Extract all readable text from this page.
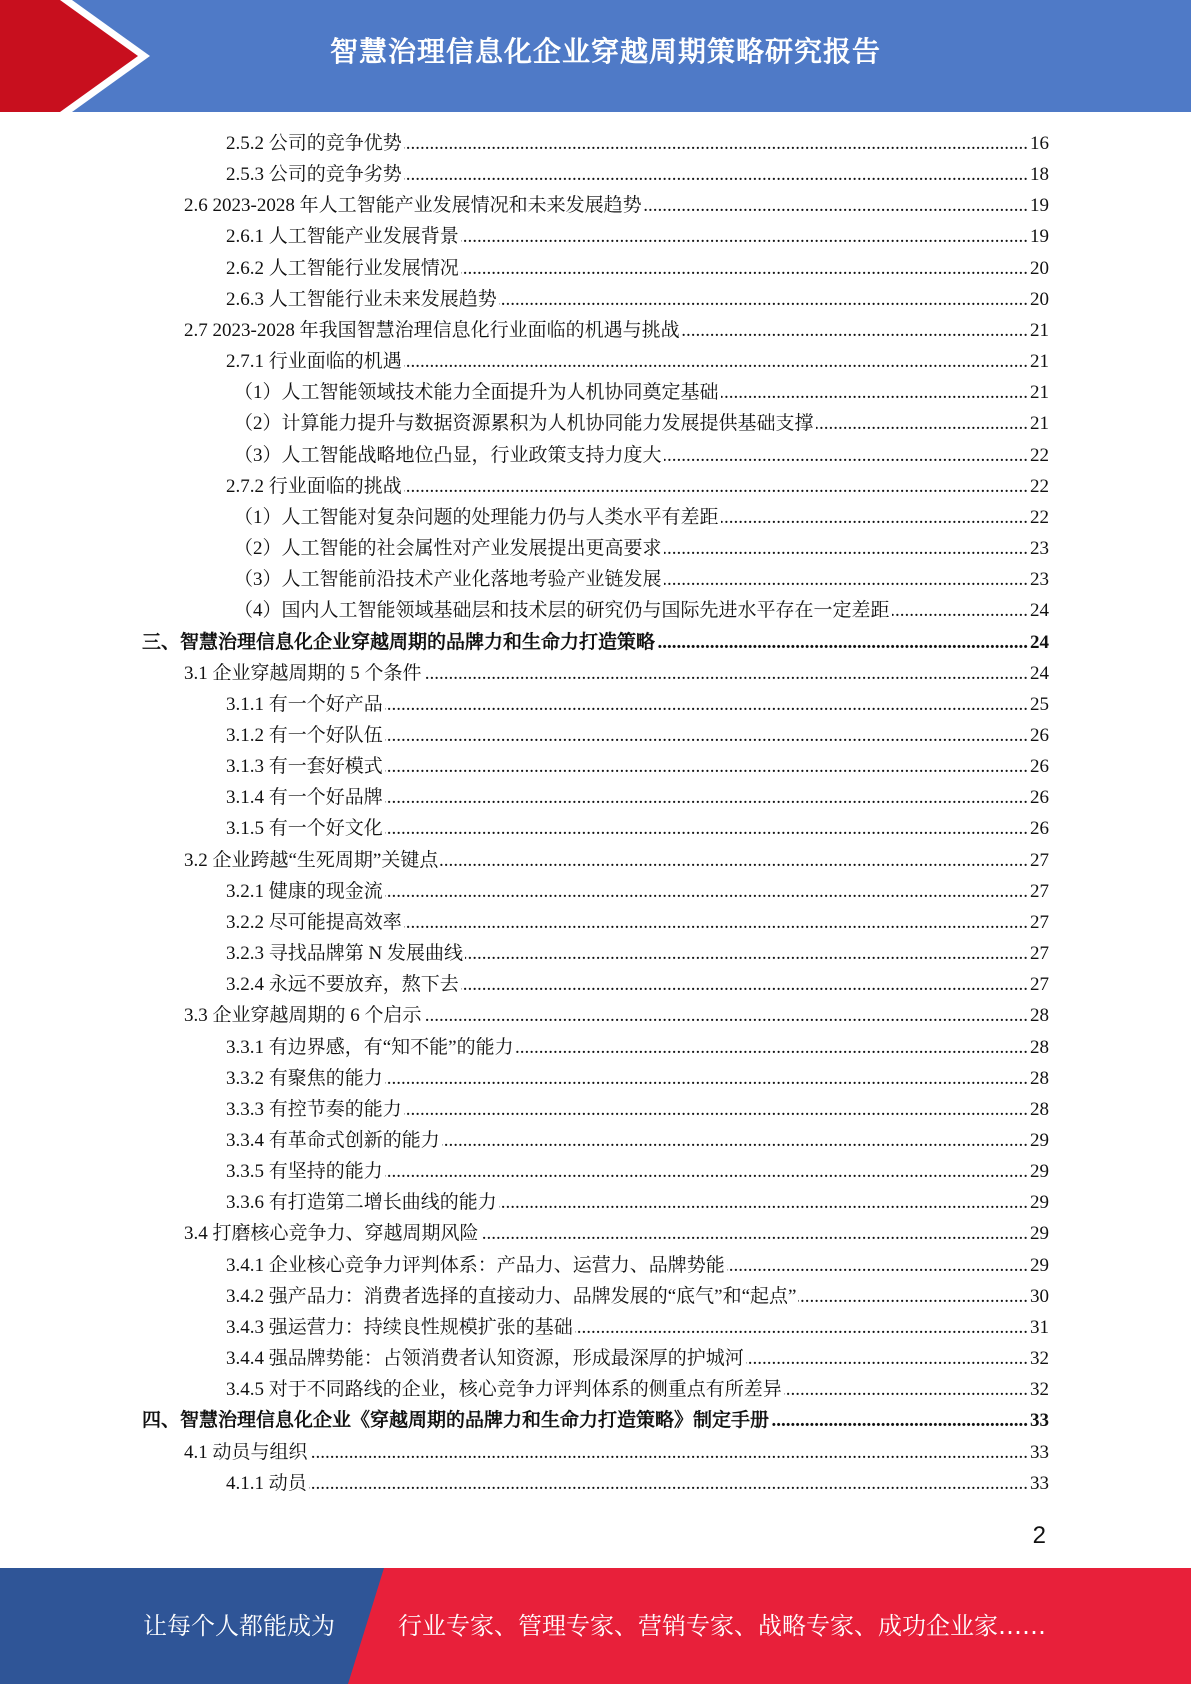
智慧治理信息化企业穿越周期策略研究报告
.....
2.5.2 公司的竞争优势	16
.....
2.5.3 公司的竞争劣势	18
.....
2.6 2023-2028 年人工智能产业发展情况和未来发展趋势	19
.....
2.6.1 人工智能产业发展背景	19
.....
2.6.2 人工智能行业发展情况	20
.....
2.6.3 人工智能行业未来发展趋势	20
.....
2.7 2023-2028 年我国智慧治理信息化行业面临的机遇与挑战	21
.....
2.7.1 行业面临的机遇	21
.....
（1）人工智能领域技术能力全面提升为人机协同奠定基础	21
.....
（2）计算能力提升与数据资源累积为人机协同能力发展提供基础支撑	21
.....
（3）人工智能战略地位凸显，行业政策支持力度大	22
.....
2.7.2 行业面临的挑战	22
.....
（1）人工智能对复杂问题的处理能力仍与人类水平有差距	22
.....
（2）人工智能的社会属性对产业发展提出更高要求	23
.....
（3）人工智能前沿技术产业化落地考验产业链发展	23
.....
（4）国内人工智能领域基础层和技术层的研究仍与国际先进水平存在一定差距	24
.....
三、智慧治理信息化企业穿越周期的品牌力和生命力打造策略	24
.....
3.1 企业穿越周期的 5 个条件	24
.....
3.1.1 有一个好产品	25
.....
3.1.2 有一个好队伍	26
.....
3.1.3 有一套好模式	26
.....
3.1.4 有一个好品牌	26
.....
3.1.5 有一个好文化	26
.....
3.2 企业跨越“生死周期”关键点	27
.....
3.2.1 健康的现金流	27
.....
3.2.2 尽可能提高效率	27
.....
3.2.3 寻找品牌第 N 发展曲线	27
.....
3.2.4 永远不要放弃，熬下去	27
.....
3.3 企业穿越周期的 6 个启示	28
.....
3.3.1 有边界感，有“知不能”的能力	28
.....
3.3.2 有聚焦的能力	28
.....
3.3.3 有控节奏的能力	28
.....
3.3.4 有革命式创新的能力	29
.....
3.3.5 有坚持的能力	29
.....
3.3.6 有打造第二增长曲线的能力	29
.....
3.4 打磨核心竞争力、穿越周期风险	29
.....
3.4.1 企业核心竞争力评判体系：产品力、运营力、品牌势能	29
.....
3.4.2 强产品力：消费者选择的直接动力、品牌发展的“底气”和“起点”	30
.....
3.4.3 强运营力：持续良性规模扩张的基础	31
.....
3.4.4 强品牌势能：占领消费者认知资源，形成最深厚的护城河	32
.....
3.4.5 对于不同路线的企业，核心竞争力评判体系的侧重点有所差异	32
.....
四、智慧治理信息化企业《穿越周期的品牌力和生命力打造策略》制定手册	33
.....
4.1 动员与组织	33
.....
4.1.1 动员	33
2
让每个人都能成为	行业专家、管理专家、营销专家、战略专家、成功企业家……
